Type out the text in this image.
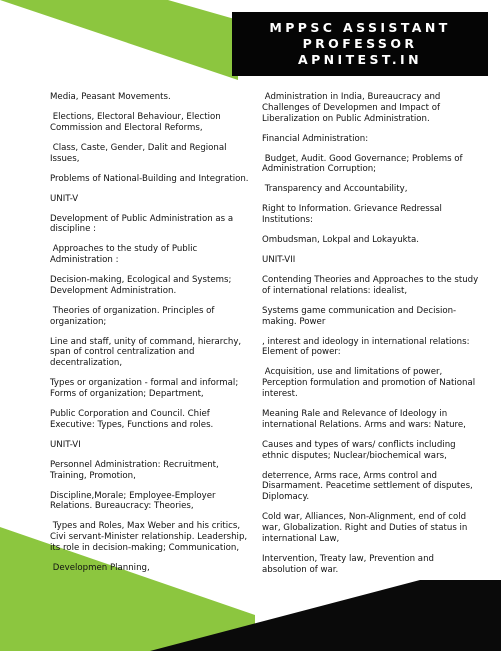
MPPSC ASSISTANT
PROFESSOR
APNITEST.IN

Media, Peasant Movements.

Elections, Electoral Behaviour, Election Commission and Electoral Reforms,

Class, Caste, Gender, Dalit and Regional Issues,

Problems of National-Building and Integration.

UNIT-V

Development of Public Administration as a discipline :

Approaches to the study of Public Administration :

Decision-making, Ecological and Systems; Development Administration.

Theories of organization. Principles of organization;

Line and staff, unity of command, hierarchy, span of control centralization and decentralization,

Types or organization - formal and informal; Forms of organization; Department,

Public Corporation and Council. Chief Executive: Types, Functions and roles.

UNIT-VI

Personnel Administration: Recruitment, Training, Promotion,

Discipline,Morale; Employee-Employer Relations. Bureaucracy: Theories,

Types and Roles, Max Weber and his critics, Civi servant-Minister relationship. Leadership, its role in decision-making; Communication,

Developmen Planning,

Administration in India, Bureaucracy and Challenges of Developmen and Impact of Liberalization on Public Administration.

Financial Administration:

Budget, Audit. Good Governance; Problems of Administration Corruption;

Transparency and Accountability,

Right to Information. Grievance Redressal Institutions:

Ombudsman, Lokpal and Lokayukta.

UNIT-VII

Contending Theories and Approaches to the study of international relations: idealist,

Systems game communication and Decision- making. Power

, interest and ideology in international relations: Element of power:

Acquisition, use and limitations of power, Perception formulation and promotion of National interest.

Meaning Rale and Relevance of Ideology in international Relations. Arms and wars: Nature,

Causes and types of wars/ conflicts including ethnic disputes; Nuclear/biochemical wars,

deterrence, Arms race, Arms control and Disarmament. Peacetime settlement of disputes, Diplomacy.

Cold war, Alliances, Non-Alignment, end of cold war, Globalization. Right and Duties of status in international Law,

Intervention, Treaty law, Prevention and absolution of war.
